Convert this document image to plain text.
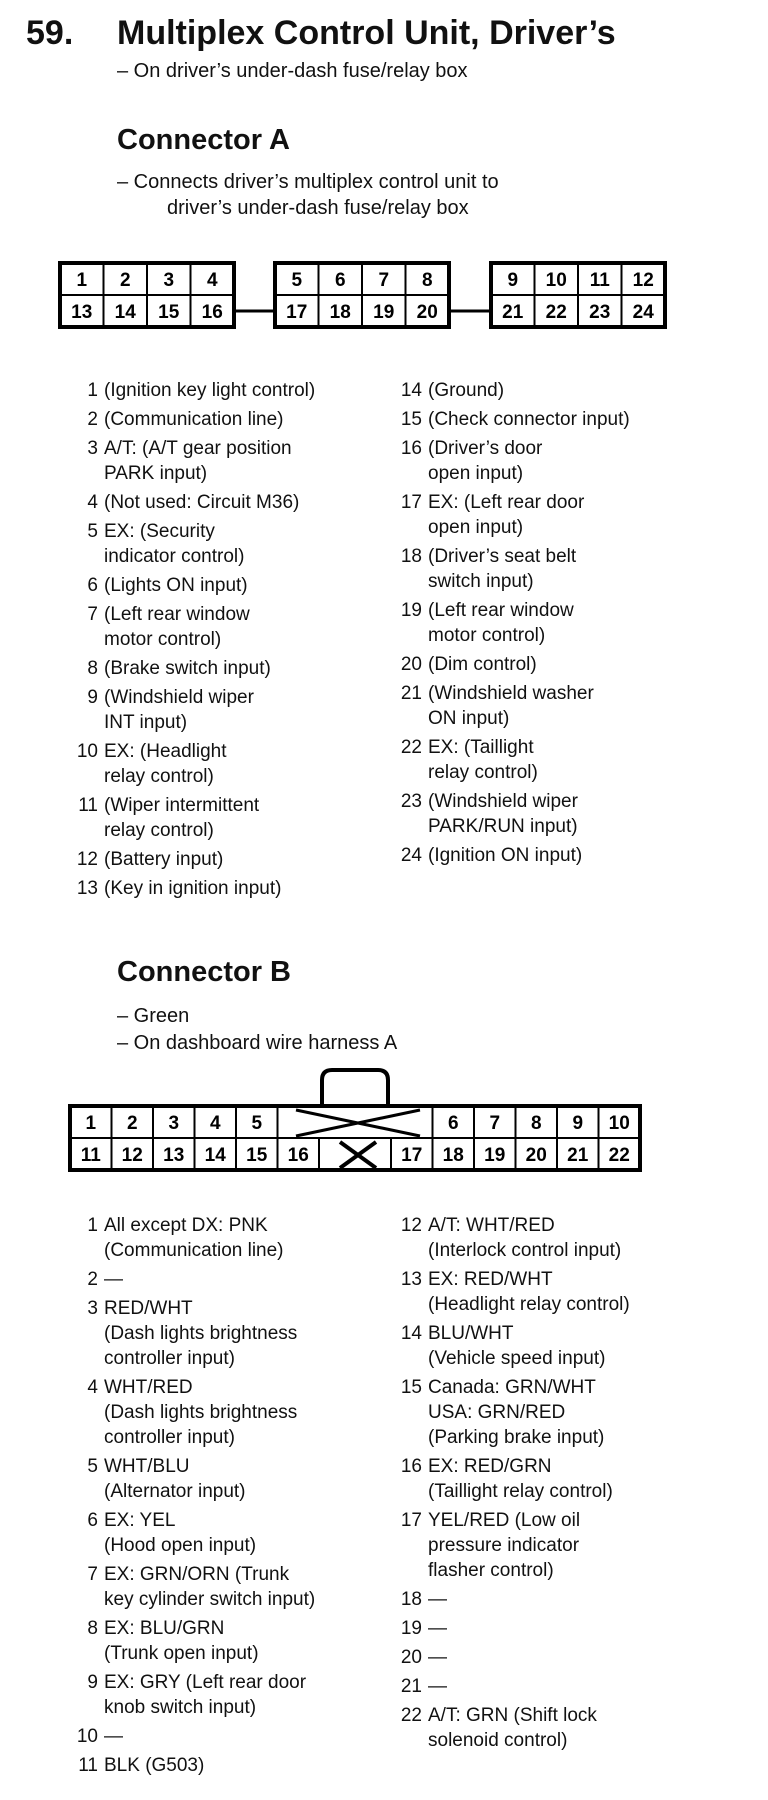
59. Multiplex Control Unit, Driver’s
– On driver’s under-dash fuse/relay box
Connector A
– Connects driver’s multiplex control unit to
driver’s under-dash fuse/relay box
1
13
2
14
3
15
4
16
5
17
6
18
7
19
8
20
9
21
10
22
11
23
12
24
1 (Ignition key light control)
2 (Communication line)
3 A/T: (A/T gear position
PARK input)
4 (Not used: Circuit M36)
5 EX: (Security
indicator control)
6 (Lights ON input)
7 (Left rear window
motor control)
8 (Brake switch input)
9 (Windshield wiper
INT input)
10 EX: (Headlight
relay control)
11 (Wiper intermittent
relay control)
12 (Battery input)
13 (Key in ignition input)
14 (Ground)
15 (Check connector input)
16 (Driver’s door
open input)
17 EX: (Left rear door
open input)
18 (Driver’s seat belt
switch input)
19 (Left rear window
motor control)
20 (Dim control)
21 (Windshield washer
ON input)
22 EX: (Taillight
relay control)
23 (Windshield wiper
PARK/RUN input)
24 (Ignition ON input)
Connector B
– Green
– On dashboard wire harness A
1 2 3 4 5	6 7 8 9 10
11 12 13 14 15 16	17 18 19 20 21 22
1 All except DX: PNK
(Communication line)
2 —
3 RED/WHT
(Dash lights brightness
controller input)
4 WHT/RED
(Dash lights brightness
controller input)
5 WHT/BLU
(Alternator input)
6 EX: YEL
(Hood open input)
7 EX: GRN/ORN (Trunk
key cylinder switch input)
8 EX: BLU/GRN
(Trunk open input)
9 EX: GRY (Left rear door
knob switch input)
10 —
11 BLK (G503)
12 A/T: WHT/RED
(Interlock control input)
13 EX: RED/WHT
(Headlight relay control)
14 BLU/WHT
(Vehicle speed input)
15 Canada: GRN/WHT
USA: GRN/RED
(Parking brake input)
16 EX: RED/GRN
(Taillight relay control)
17 YEL/RED (Low oil
pressure indicator
flasher control)
18 —
19 —
20 —
21 —
22 A/T: GRN (Shift lock
solenoid control)
